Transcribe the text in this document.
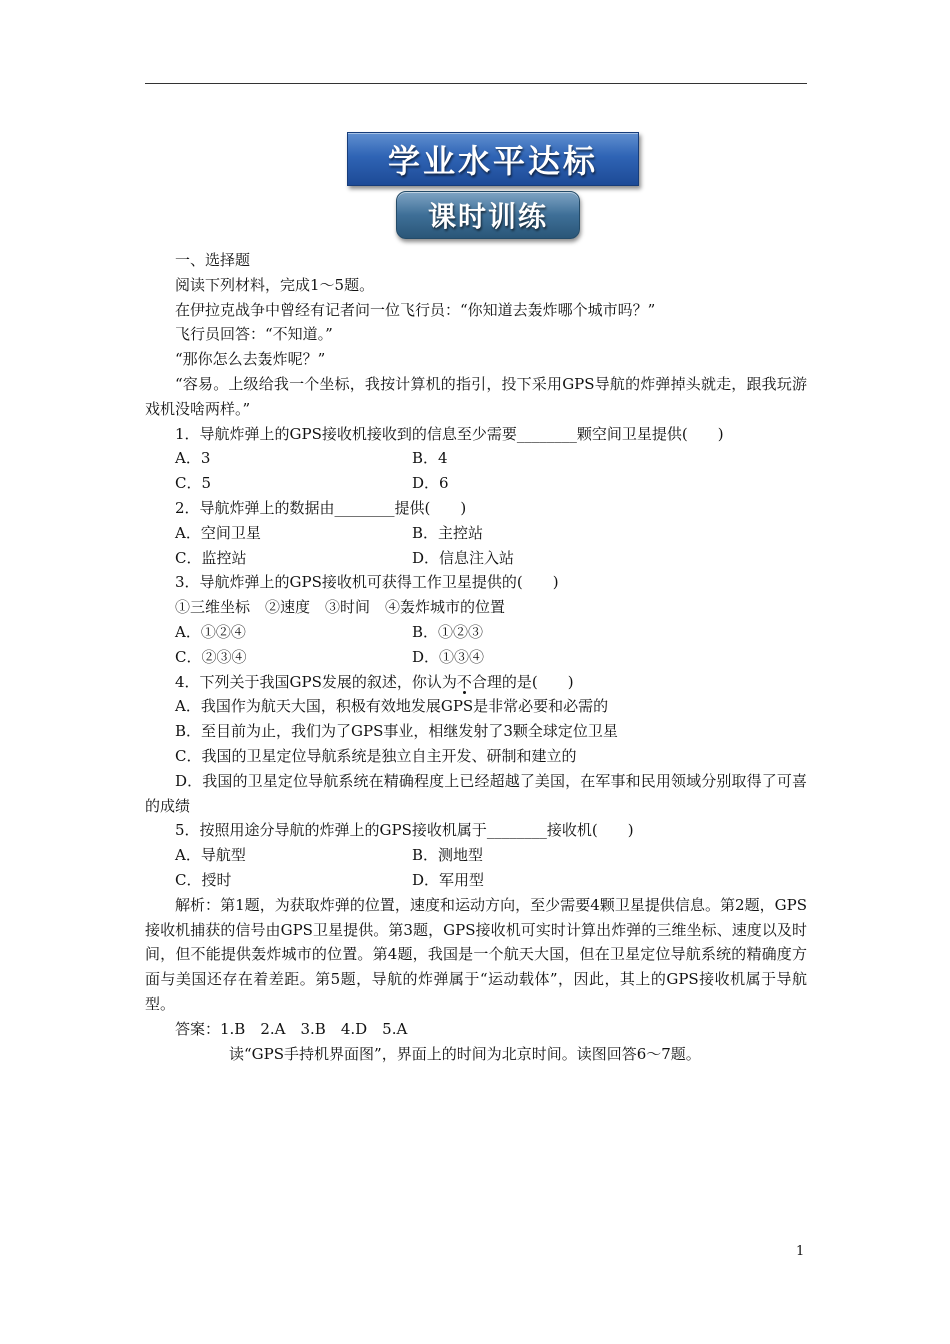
学业水平达标
课时训练
一、选择题
阅读下列材料，完成1～5题。
在伊拉克战争中曾经有记者问一位飞行员：“你知道去轰炸哪个城市吗？”
飞行员回答：“不知道。”
“那你怎么去轰炸呢？”
“容易。上级给我一个坐标，我按计算机的指引，投下采用GPS导航的炸弹掉头就走，跟我玩游戏机没啥两样。”
1．导航炸弹上的GPS接收机接收到的信息至少需要________颗空间卫星提供(　　)
A．3	B．4
C．5	D．6
2．导航炸弹上的数据由________提供(　　)
A．空间卫星	B．主控站
C．监控站	D．信息注入站
3．导航炸弹上的GPS接收机可获得工作卫星提供的(　　)
①三维坐标　②速度　③时间　④轰炸城市的位置
A．①②④	B．①②③
C．②③④	D．①③④
4．下列关于我国GPS发展的叙述，你认为不合理的是(　　)
A．我国作为航天大国，积极有效地发展GPS是非常必要和必需的
B．至目前为止，我们为了GPS事业，相继发射了3颗全球定位卫星
C．我国的卫星定位导航系统是独立自主开发、研制和建立的
D．我国的卫星定位导航系统在精确程度上已经超越了美国，在军事和民用领域分别取得了可喜的成绩
5．按照用途分导航的炸弹上的GPS接收机属于________接收机(　　)
A．导航型	B．测地型
C．授时	D．军用型
解析：第1题，为获取炸弹的位置，速度和运动方向，至少需要4颗卫星提供信息。第2题，GPS接收机捕获的信号由GPS卫星提供。第3题，GPS接收机可实时计算出炸弹的三维坐标、速度以及时间，但不能提供轰炸城市的位置。第4题，我国是一个航天大国，但在卫星定位导航系统的精确度方面与美国还存在着差距。第5题，导航的炸弹属于“运动载体”，因此，其上的GPS接收机属于导航型。
答案：1.B　2.A　3.B　4.D　5.A
读“GPS手持机界面图”，界面上的时间为北京时间。读图回答6～7题。
1
